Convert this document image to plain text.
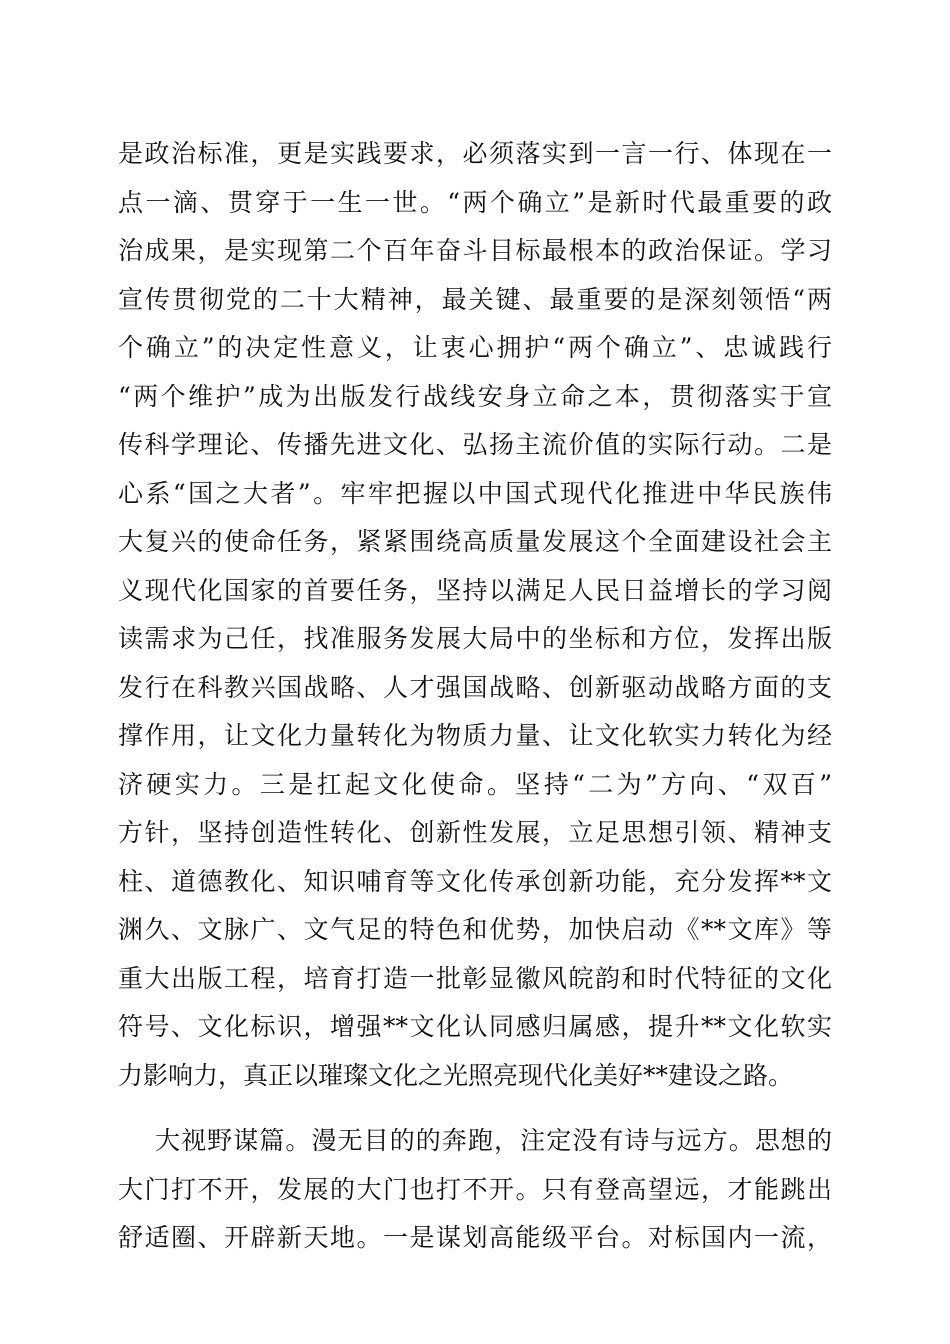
是政治标准，更是实践要求，必须落实到一言一行、体现在一
点一滴、贯穿于一生一世。“两个确立”是新时代最重要的政
治成果，是实现第二个百年奋斗目标最根本的政治保证。学习
宣传贯彻党的二十大精神，最关键、最重要的是深刻领悟“两
个确立”的决定性意义，让衷心拥护“两个确立”、忠诚践行
“两个维护”成为出版发行战线安身立命之本，贯彻落实于宣
传科学理论、传播先进文化、弘扬主流价值的实际行动。二是
心系“国之大者”。牢牢把握以中国式现代化推进中华民族伟
大复兴的使命任务，紧紧围绕高质量发展这个全面建设社会主
义现代化国家的首要任务，坚持以满足人民日益增长的学习阅
读需求为己任，找准服务发展大局中的坐标和方位，发挥出版
发行在科教兴国战略、人才强国战略、创新驱动战略方面的支
撑作用，让文化力量转化为物质力量、让文化软实力转化为经
济硬实力。三是扛起文化使命。坚持“二为”方向、“双百”
方针，坚持创造性转化、创新性发展，立足思想引领、精神支
柱、道德教化、知识哺育等文化传承创新功能，充分发挥**文
渊久、文脉广、文气足的特色和优势，加快启动《**文库》等
重大出版工程，培育打造一批彰显徽风皖韵和时代特征的文化
符号、文化标识，增强**文化认同感归属感，提升**文化软实
力影响力，真正以璀璨文化之光照亮现代化美好**建设之路。
大视野谋篇。漫无目的的奔跑，注定没有诗与远方。思想的
大门打不开，发展的大门也打不开。只有登高望远，才能跳出
舒适圈、开辟新天地。一是谋划高能级平台。对标国内一流，
